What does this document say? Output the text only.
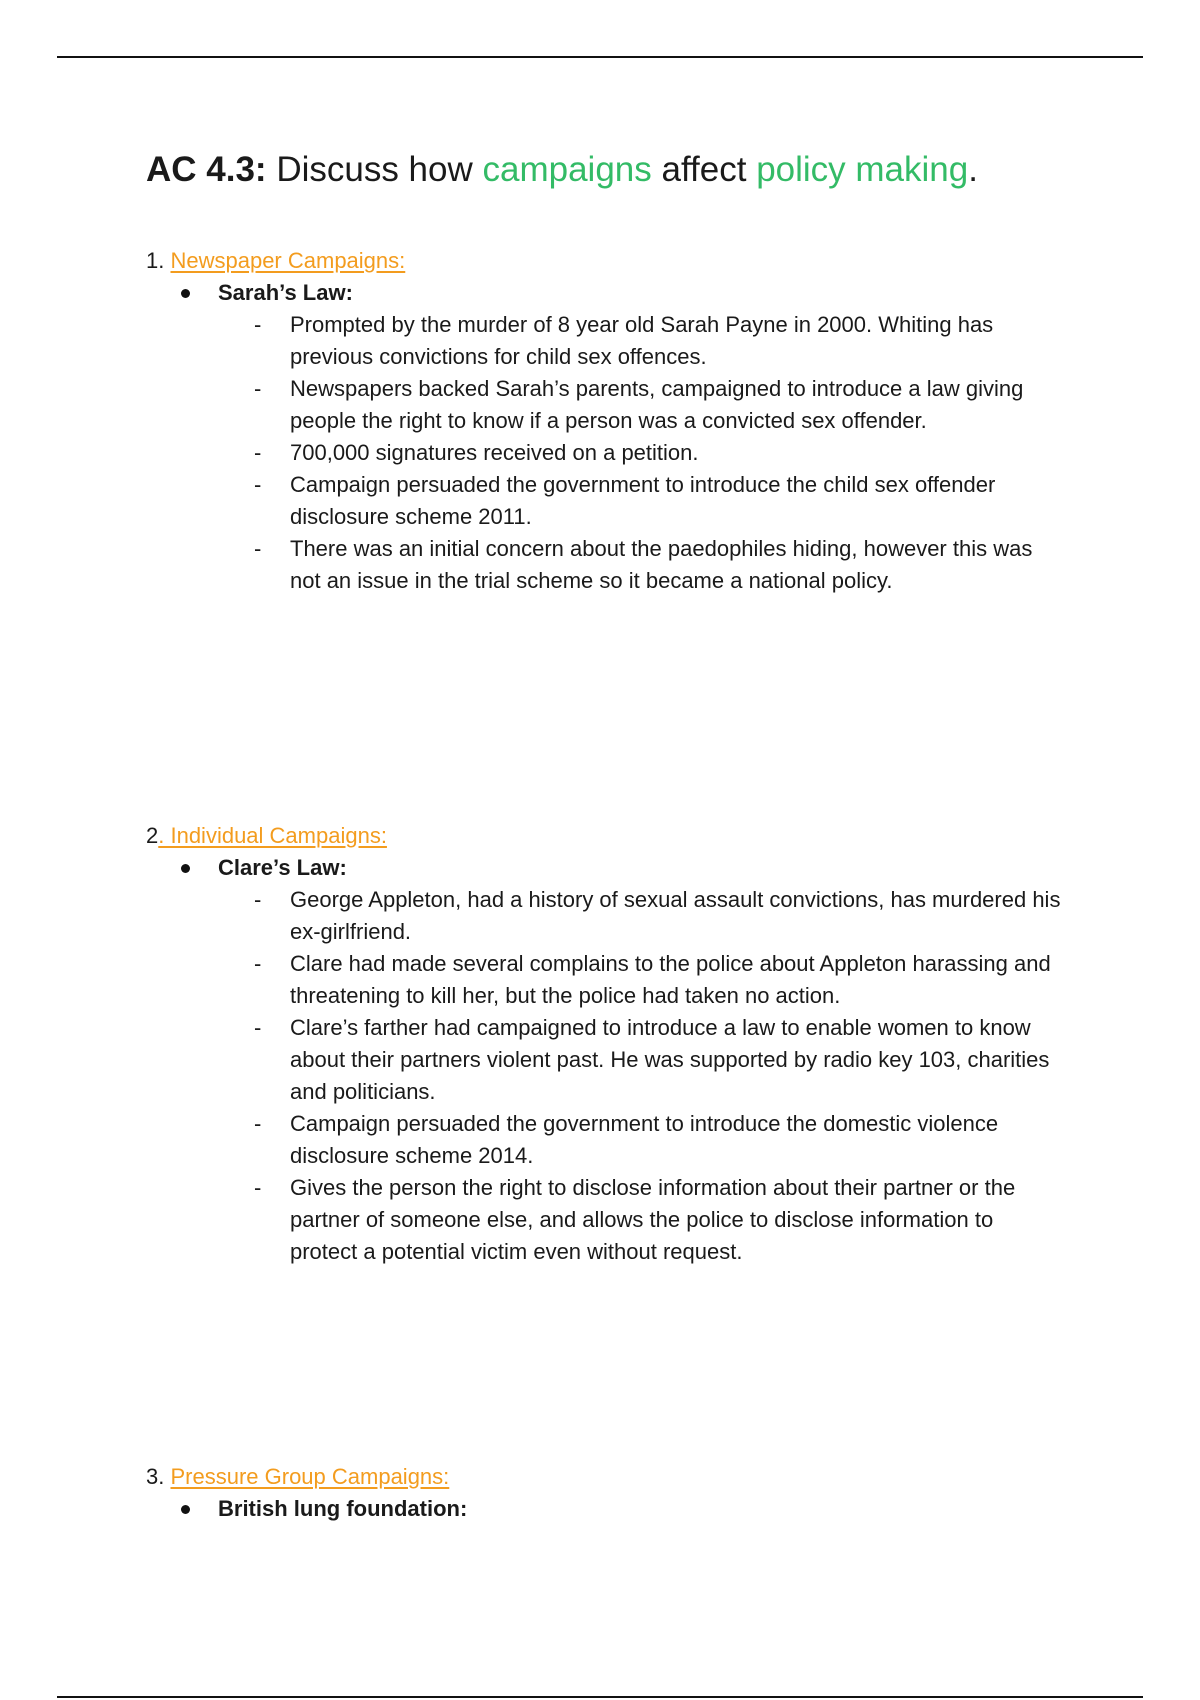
AC 4.3: Discuss how campaigns affect policy making.
1. Newspaper Campaigns:
Sarah’s Law:
- Prompted by the murder of 8 year old Sarah Payne in 2000. Whiting has previous convictions for child sex offences.
- Newspapers backed Sarah’s parents, campaigned to introduce a law giving people the right to know if a person was a convicted sex offender.
- 700,000 signatures received on a petition.
- Campaign persuaded the government to introduce the child sex offender disclosure scheme 2011.
- There was an initial concern about the paedophiles hiding, however this was not an issue in the trial scheme so it became a national policy.
2. Individual Campaigns:
Clare’s Law:
- George Appleton, had a history of sexual assault convictions, has murdered his ex-girlfriend.
- Clare had made several complains to the police about Appleton harassing and threatening to kill her, but the police had taken no action.
- Clare’s farther had campaigned to introduce a law to enable women to know about their partners violent past. He was supported by radio key 103, charities and politicians.
- Campaign persuaded the government to introduce the domestic violence disclosure scheme 2014.
- Gives the person the right to disclose information about their partner or the partner of someone else, and allows the police to disclose information to protect a potential victim even without request.
3. Pressure Group Campaigns:
British lung foundation:
